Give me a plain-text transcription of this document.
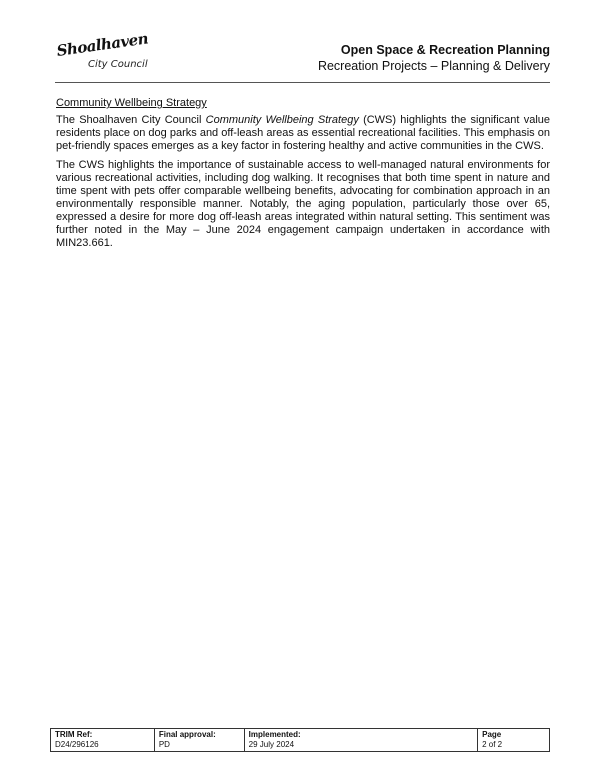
Shoalhaven
City Council
Open Space & Recreation Planning
Recreation Projects – Planning & Delivery
Community Wellbeing Strategy

The Shoalhaven City Council Community Wellbeing Strategy (CWS) highlights the significant value residents place on dog parks and off-leash areas as essential recreational facilities. This emphasis on pet-friendly spaces emerges as a key factor in fostering healthy and active communities in the CWS.

The CWS highlights the importance of sustainable access to well-managed natural environments for various recreational activities, including dog walking. It recognises that both time spent in nature and time spent with pets offer comparable wellbeing benefits, advocating for combination approach in an environmentally responsible manner. Notably, the aging population, particularly those over 65, expressed a desire for more dog off-leash areas integrated within natural setting. This sentiment was further noted in the May – June 2024 engagement campaign undertaken in accordance with MIN23.661.

TRIM Ref:
D24/296126	
Final approval:
PD	
Implemented:
29 July 2024	
Page
2 of 2
